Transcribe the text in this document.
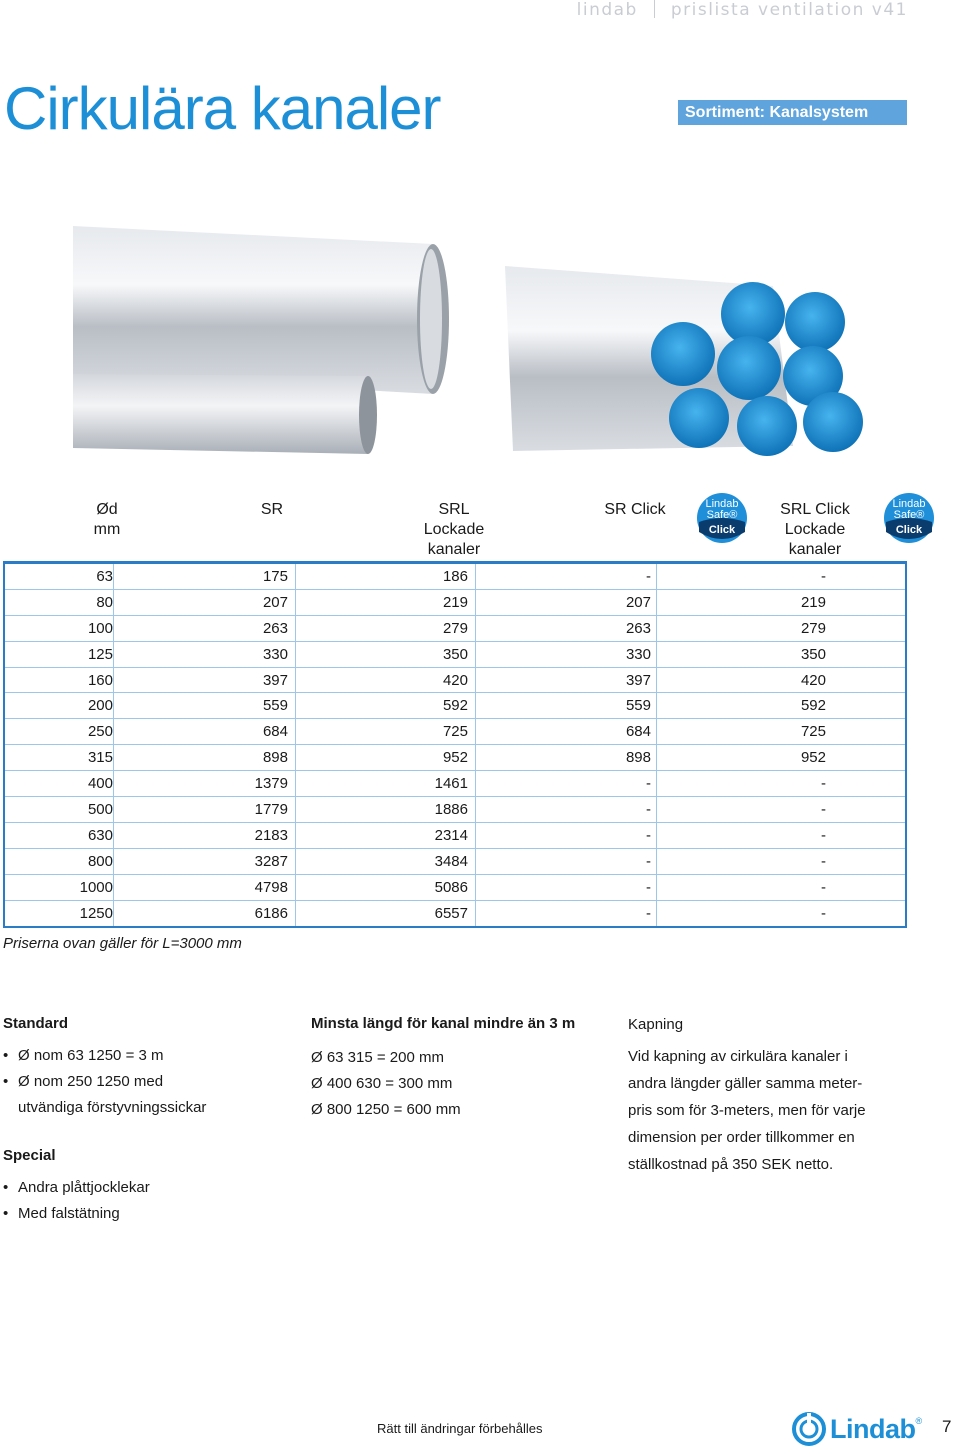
lindab prislista ventilation v41
Cirkulära kanaler	Sortiment: Kanalsystem
Ød
mm
SR	SRL
Lockade
kanaler
SR Click	SRL Click
Lockade
kanaler
Lindab
Safe®
Click
Lindab
Safe®
Click
63	175	186	-	-
80	207	219	207	219
100	263	279	263	279
125	330	350	330	350
160	397	420	397	420
200	559	592	559	592
250	684	725	684	725
315	898	952	898	952
400	1379	1461	-	-
500	1779	1886	-	-
630	2183	2314	-	-
800	3287	3484	-	-
1000	4798	5086	-	-
1250	6186	6557	-	-
Priserna ovan gäller för L=3000 mm
Standard
• Ø nom 63 1250 = 3 m
• Ø nom 250 1250 med
utvändiga förstyvningssickar
Special
• Andra plåttjocklekar
• Med falstätning
Minsta längd för kanal mindre än 3 m

Ø 63 315 = 200 mm

Ø 400 630 = 300 mm

Ø 800 1250 = 600 mm

Kapning

Vid kapning av cirkulära kanaler i

andra längder gäller samma meter-

pris som för 3-meters, men för varje

dimension per order tillkommer en

ställkostnad på 350 SEK netto.

Rätt till ändringar förbehålles	Lindab ® 7
